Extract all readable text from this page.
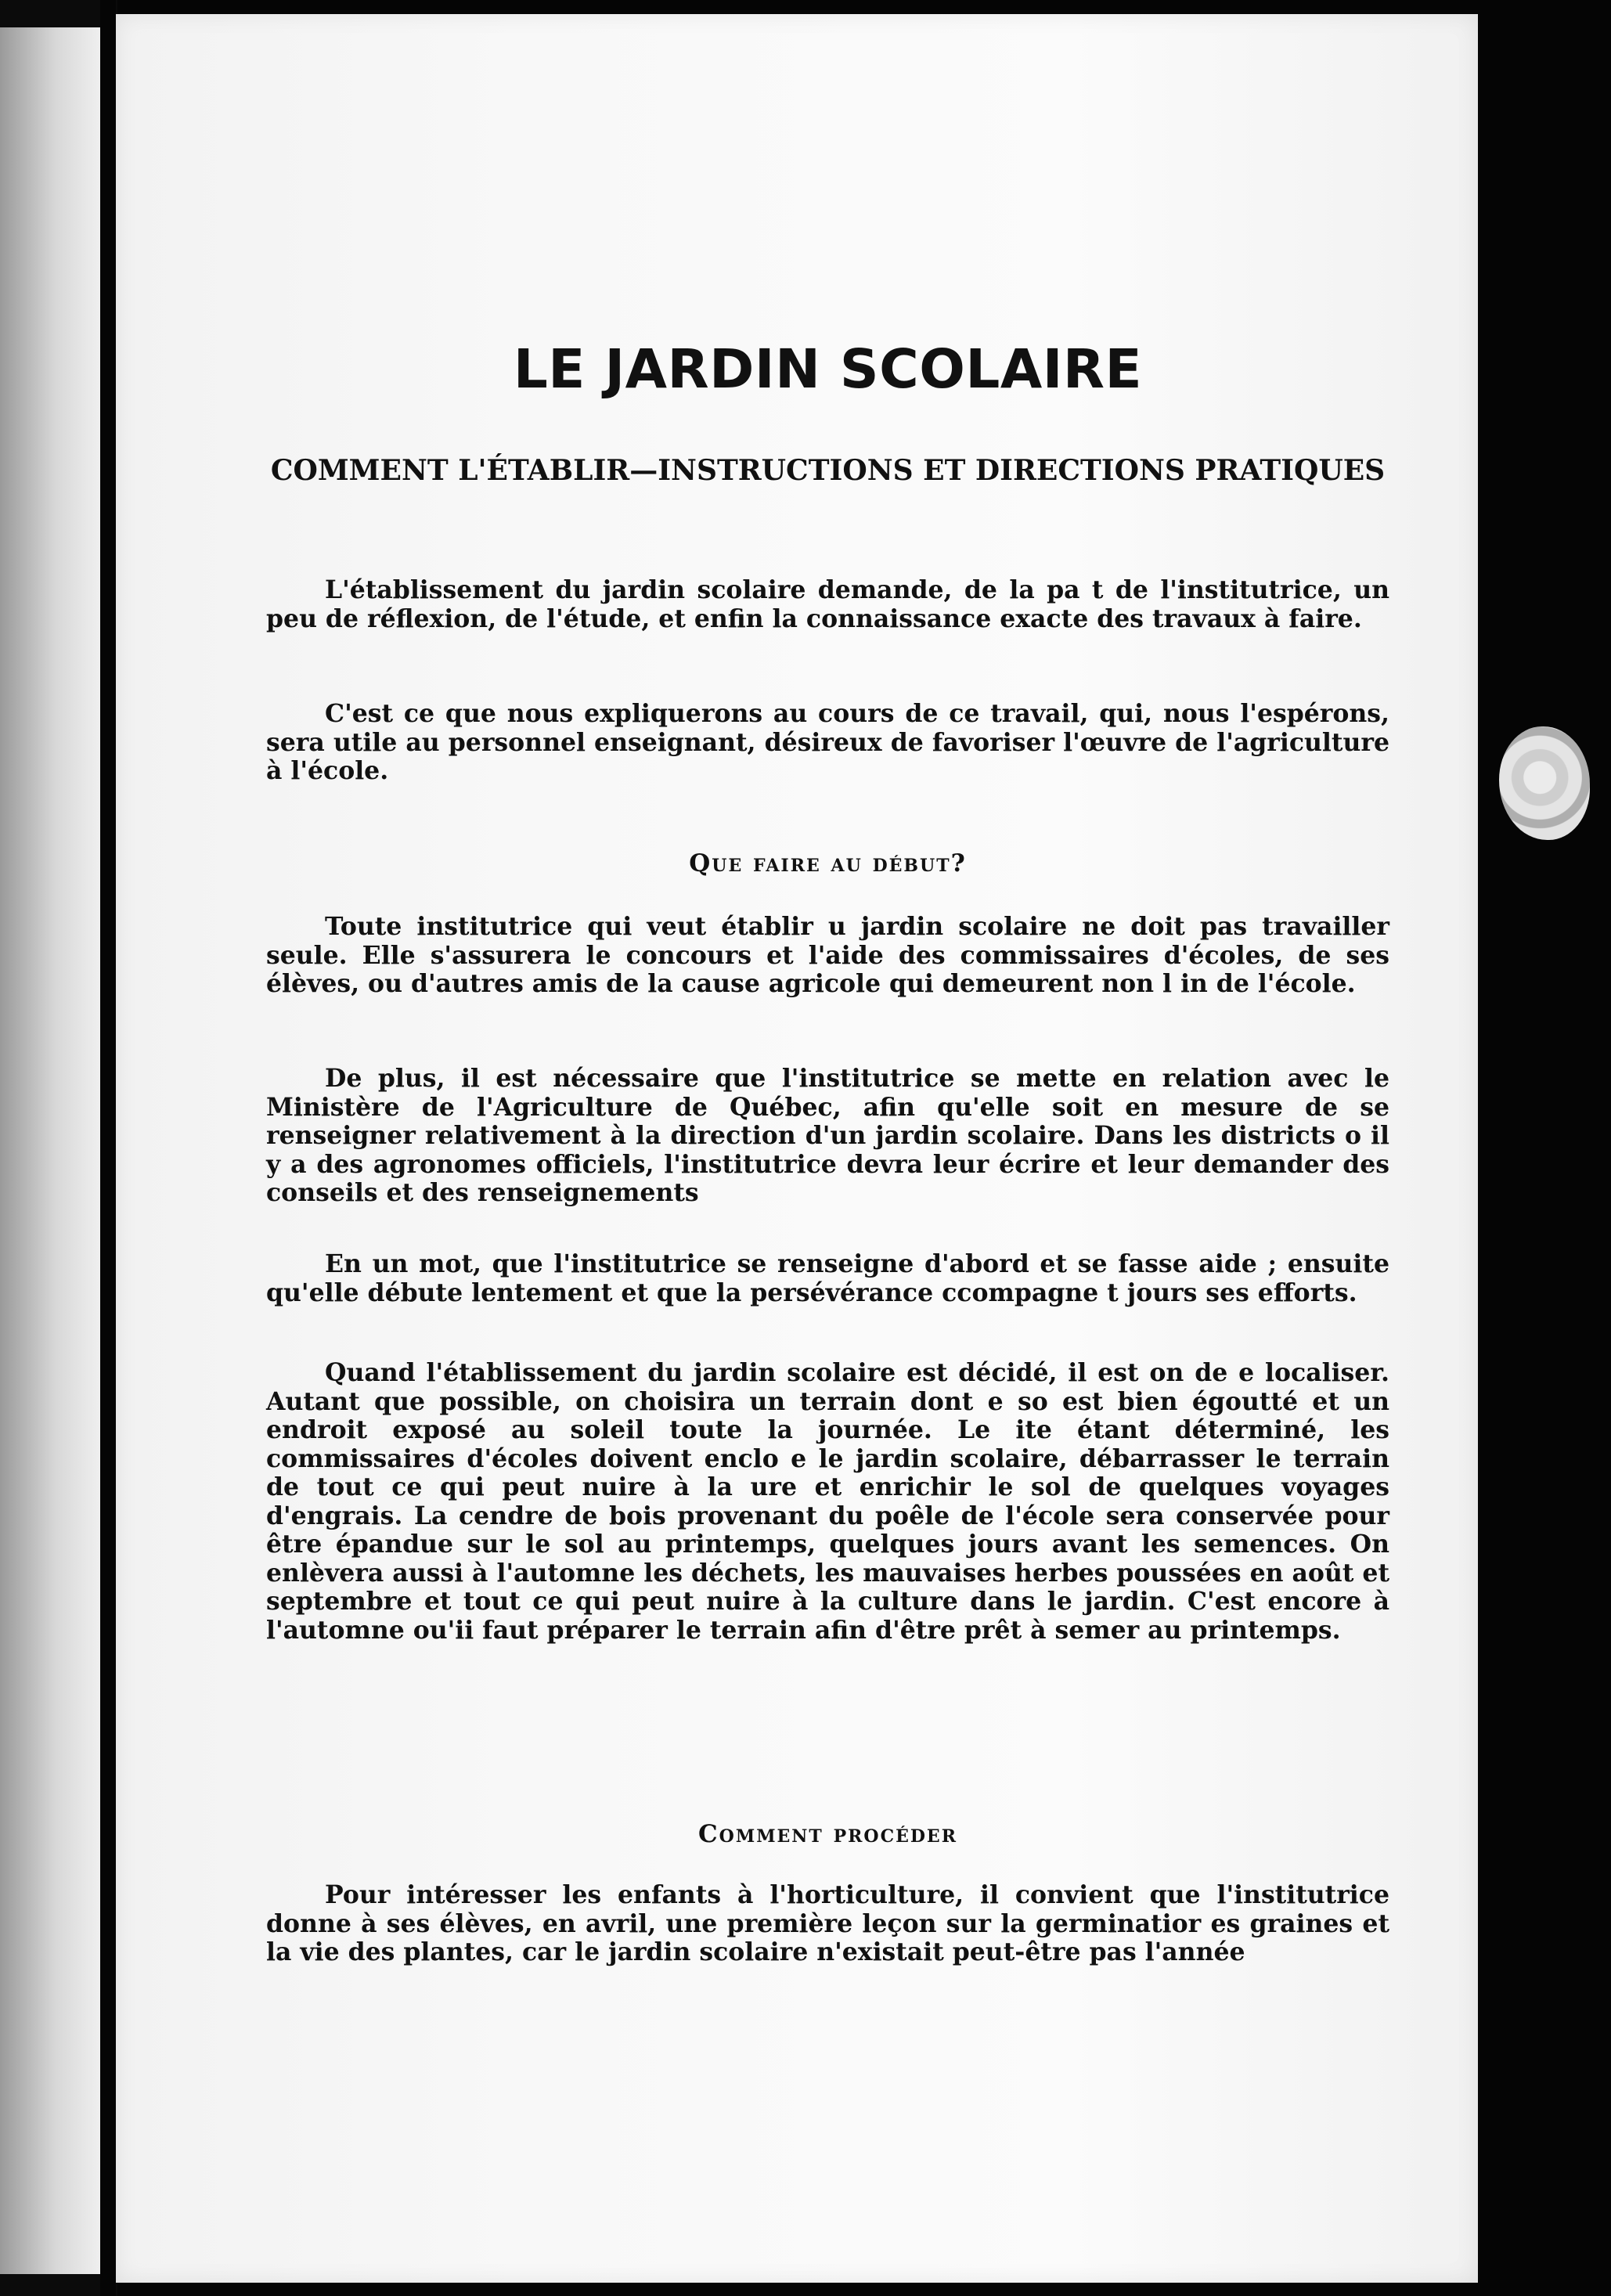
LE JARDIN SCOLAIRE
COMMENT L'ÉTABLIR—INSTRUCTIONS ET DIRECTIONS PRATIQUES

L'établissement du jardin scolaire demande, de la pa t de l'institutrice, un peu de réflexion, de l'étude, et enfin la connaissance exacte des travaux à faire.

C'est ce que nous expliquerons au cours de ce travail, qui, nous l'espérons, sera utile au personnel enseignant, désireux de favoriser l'œuvre de l'agriculture à l'école.

Que faire au début?

Toute institutrice qui veut établir u jardin scolaire ne doit pas travailler seule. Elle s'assurera le concours et l'aide des commissaires d'écoles, de ses élèves, ou d'autres amis de la cause agricole qui demeurent non l in de l'école.

De plus, il est nécessaire que l'institutrice se mette en relation avec le Ministère de l'Agriculture de Québec, afin qu'elle soit en mesure de se renseigner relativement à la direction d'un jardin scolaire. Dans les districts o il y a des agronomes officiels, l'institutrice devra leur écrire et leur demander des conseils et des renseignements

En un mot, que l'institutrice se renseigne d'abord et se fasse aide ; ensuite qu'elle débute lentement et que la persévérance ccompagne t jours ses efforts.

Quand l'établissement du jardin scolaire est décidé, il est on de e localiser. Autant que possible, on choisira un terrain dont e so est bien égoutté et un endroit exposé au soleil toute la journée. Le ite étant déterminé, les commissaires d'écoles doivent enclo e le jardin scolaire, débarrasser le terrain de tout ce qui peut nuire à la ure et enrichir le sol de quelques voyages d'engrais. La cendre de bois provenant du poêle de l'école sera conservée pour être épandue sur le sol au printemps, quelques jours avant les semences. On enlèvera aussi à l'automne les déchets, les mauvaises herbes poussées en août et septembre et tout ce qui peut nuire à la culture dans le jardin. C'est encore à l'automne ou'ii faut préparer le terrain afin d'être prêt à semer au printemps.

Comment procéder

Pour intéresser les enfants à l'horticulture, il convient que l'institutrice donne à ses élèves, en avril, une première leçon sur la germinatior es graines et la vie des plantes, car le jardin scolaire n'existait peut-être pas l'année
